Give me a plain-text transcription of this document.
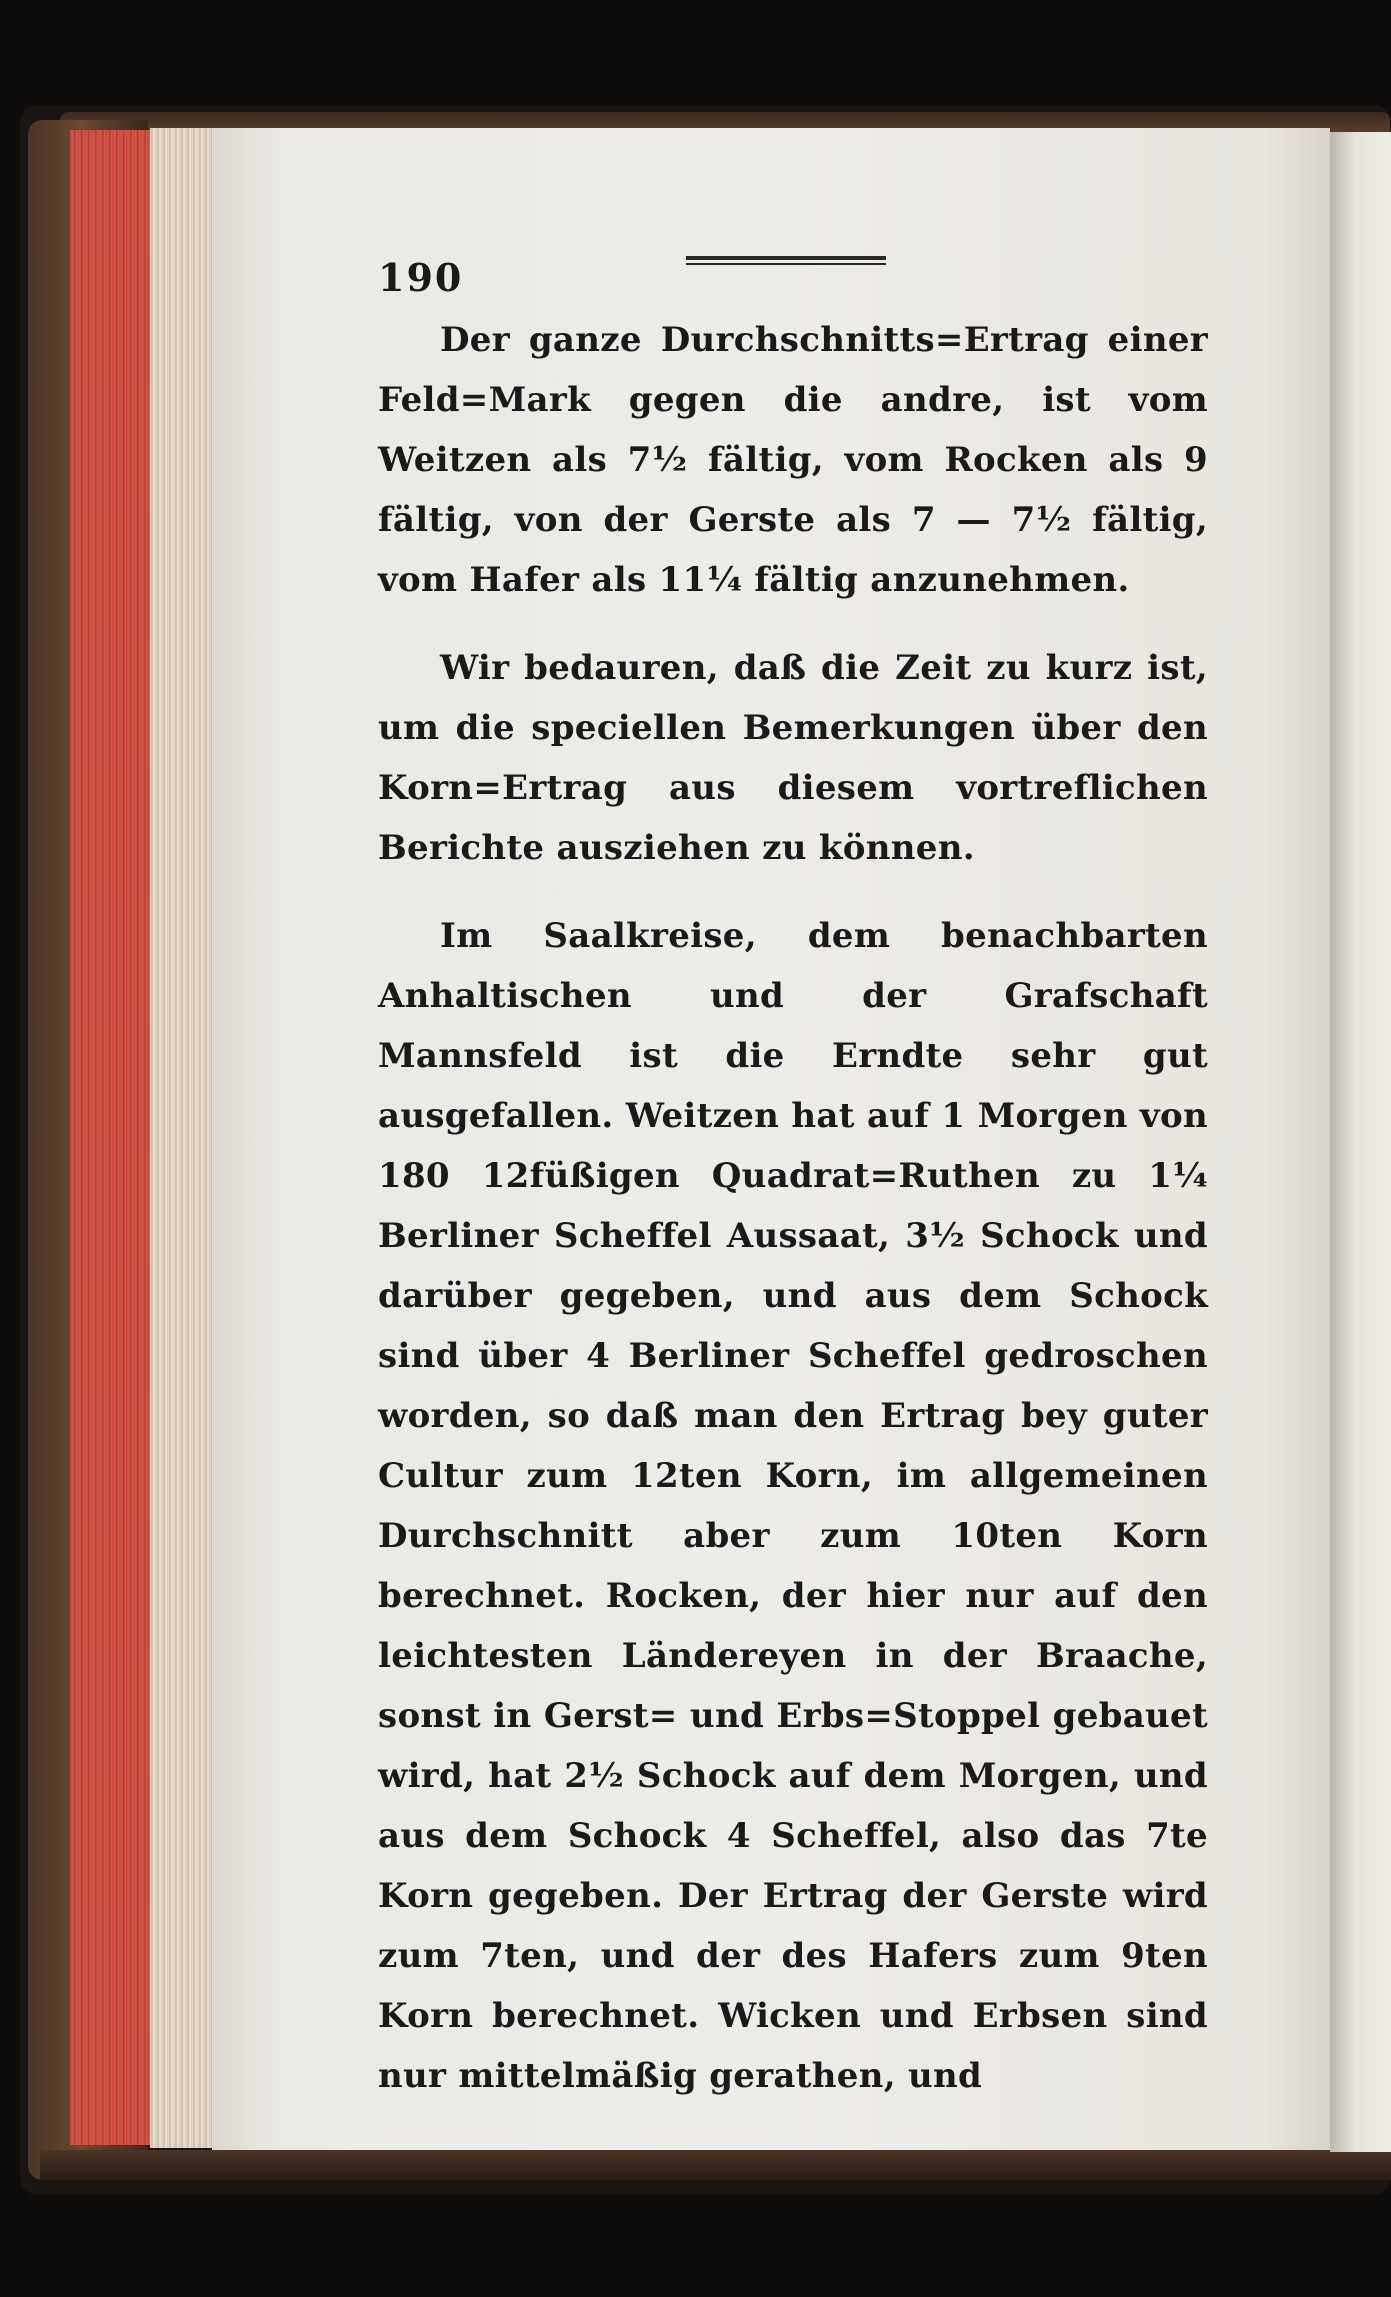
190

Der ganze Durchschnitts=Ertrag einer Feld=Mark gegen die andre, ist vom Weitzen als 7½ fältig, vom Rocken als 9 fältig, von der Gerste als 7 — 7½ fältig, vom Hafer als 11¼ fältig anzunehmen.

Wir bedauren, daß die Zeit zu kurz ist, um die speciellen Bemerkungen über den Korn=Ertrag aus diesem vortreflichen Berichte ausziehen zu können.

Im Saalkreise, dem benachbarten Anhaltischen und der Grafschaft Mannsfeld ist die Erndte sehr gut ausgefallen. Weitzen hat auf 1 Morgen von 180 12füßigen Quadrat=Ruthen zu 1¼ Berliner Scheffel Aussaat, 3½ Schock und darüber gegeben, und aus dem Schock sind über 4 Berliner Scheffel gedroschen worden, so daß man den Ertrag bey guter Cultur zum 12ten Korn, im allgemeinen Durchschnitt aber zum 10ten Korn berechnet. Rocken, der hier nur auf den leichtesten Ländereyen in der Braache, sonst in Gerst= und Erbs=Stoppel gebauet wird, hat 2½ Schock auf dem Morgen, und aus dem Schock 4 Scheffel, also das 7te Korn gegeben. Der Ertrag der Gerste wird zum 7ten, und der des Hafers zum 9ten Korn berechnet. Wicken und Erbsen sind nur mittelmäßig gerathen, und
